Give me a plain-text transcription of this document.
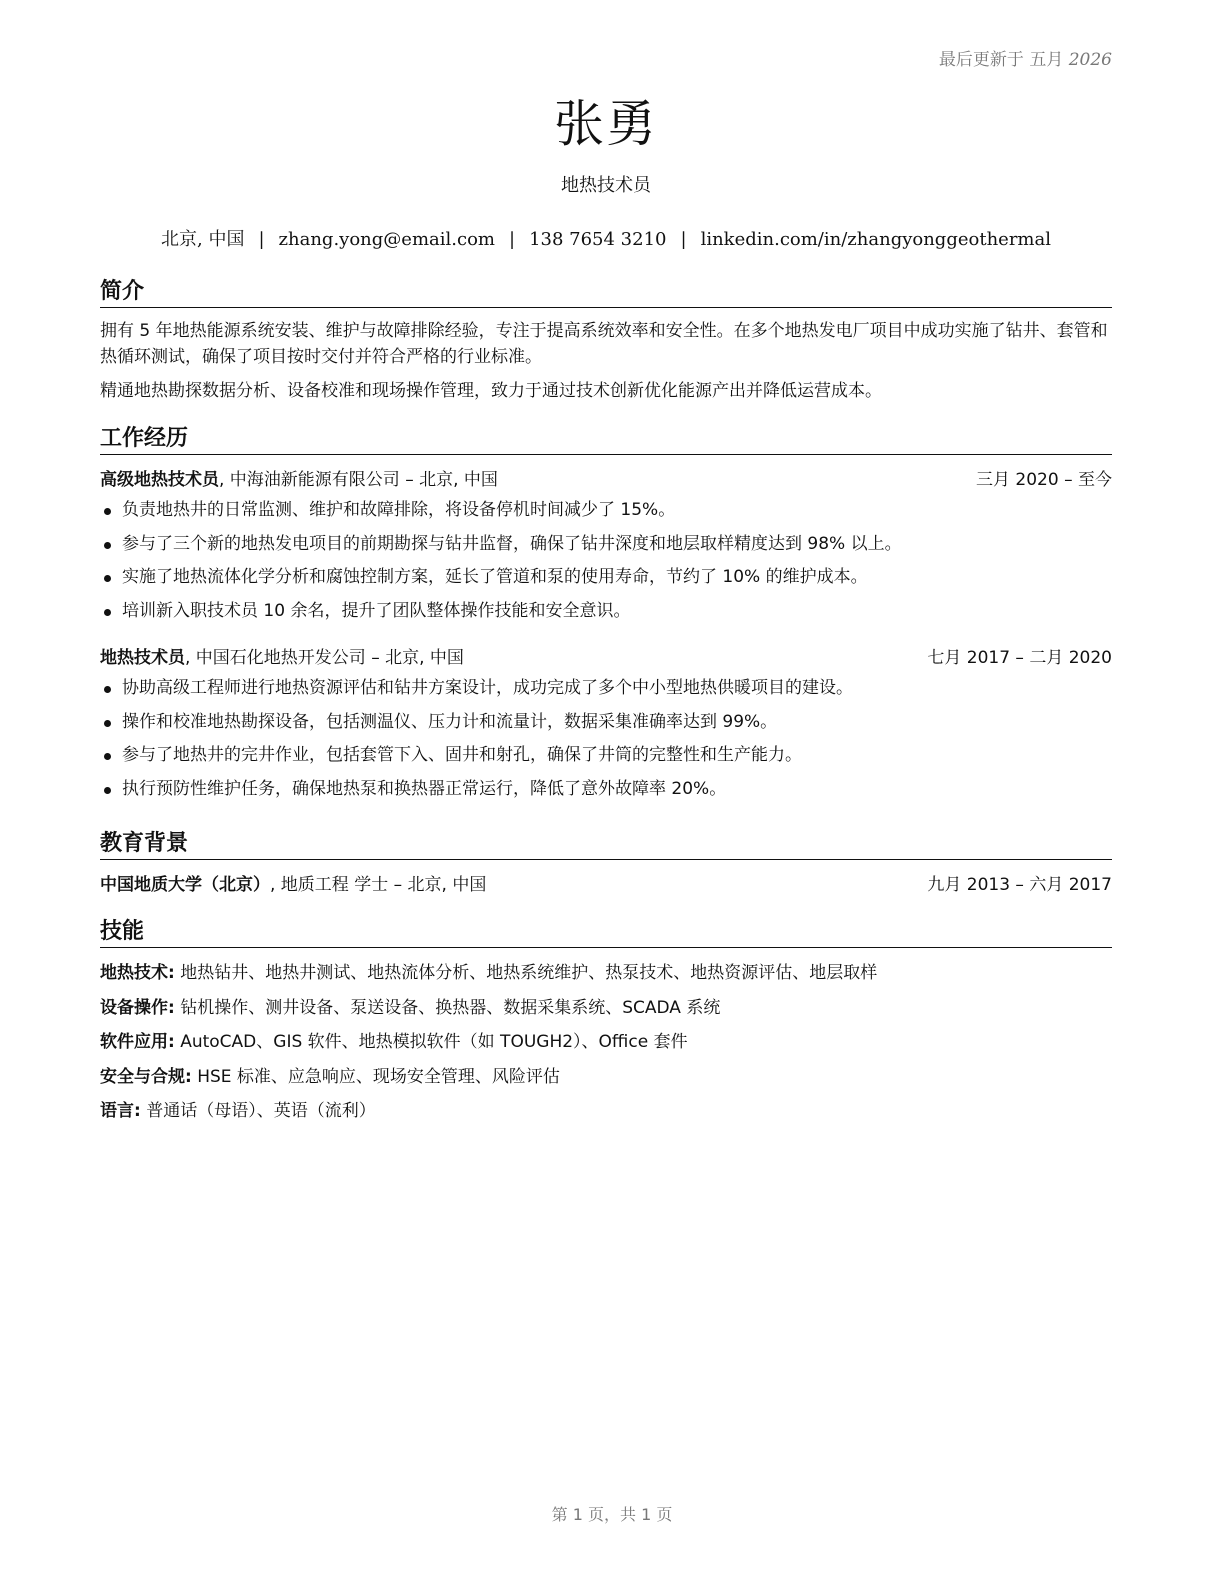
最后更新于 五月 2026
张勇
地热技术员
北京, 中国 | zhang.yong@email.com | 138 7654 3210 | linkedin.com/in/zhangyonggeothermal
简介

拥有 5 年地热能源系统安装、维护与故障排除经验，专注于提高系统效率和安全性。在多个地热发电厂项目中成功实施了钻井、套管和热循环测试，确保了项目按时交付并符合严格的行业标准。

精通地热勘探数据分析、设备校准和现场操作管理，致力于通过技术创新优化能源产出并降低运营成本。

工作经历
高级地热技术员, 中海油新能源有限公司 – 北京, 中国	三月 2020 – 至今
负责地热井的日常监测、维护和故障排除，将设备停机时间减少了 15%。
参与了三个新的地热发电项目的前期勘探与钻井监督，确保了钻井深度和地层取样精度达到 98% 以上。
实施了地热流体化学分析和腐蚀控制方案，延长了管道和泵的使用寿命，节约了 10% 的维护成本。
培训新入职技术员 10 余名，提升了团队整体操作技能和安全意识。
地热技术员, 中国石化地热开发公司 – 北京, 中国	七月 2017 – 二月 2020
协助高级工程师进行地热资源评估和钻井方案设计，成功完成了多个中小型地热供暖项目的建设。
操作和校准地热勘探设备，包括测温仪、压力计和流量计，数据采集准确率达到 99%。
参与了地热井的完井作业，包括套管下入、固井和射孔，确保了井筒的完整性和生产能力。
执行预防性维护任务，确保地热泵和换热器正常运行，降低了意外故障率 20%。
教育背景
中国地质大学（北京）, 地质工程 学士 – 北京, 中国	九月 2013 – 六月 2017
技能
地热技术: 地热钻井、地热井测试、地热流体分析、地热系统维护、热泵技术、地热资源评估、地层取样
设备操作: 钻机操作、测井设备、泵送设备、换热器、数据采集系统、SCADA 系统
软件应用: AutoCAD、GIS 软件、地热模拟软件（如 TOUGH2）、Office 套件
安全与合规: HSE 标准、应急响应、现场安全管理、风险评估
语言: 普通话（母语）、英语（流利）
第 1 页，共 1 页
